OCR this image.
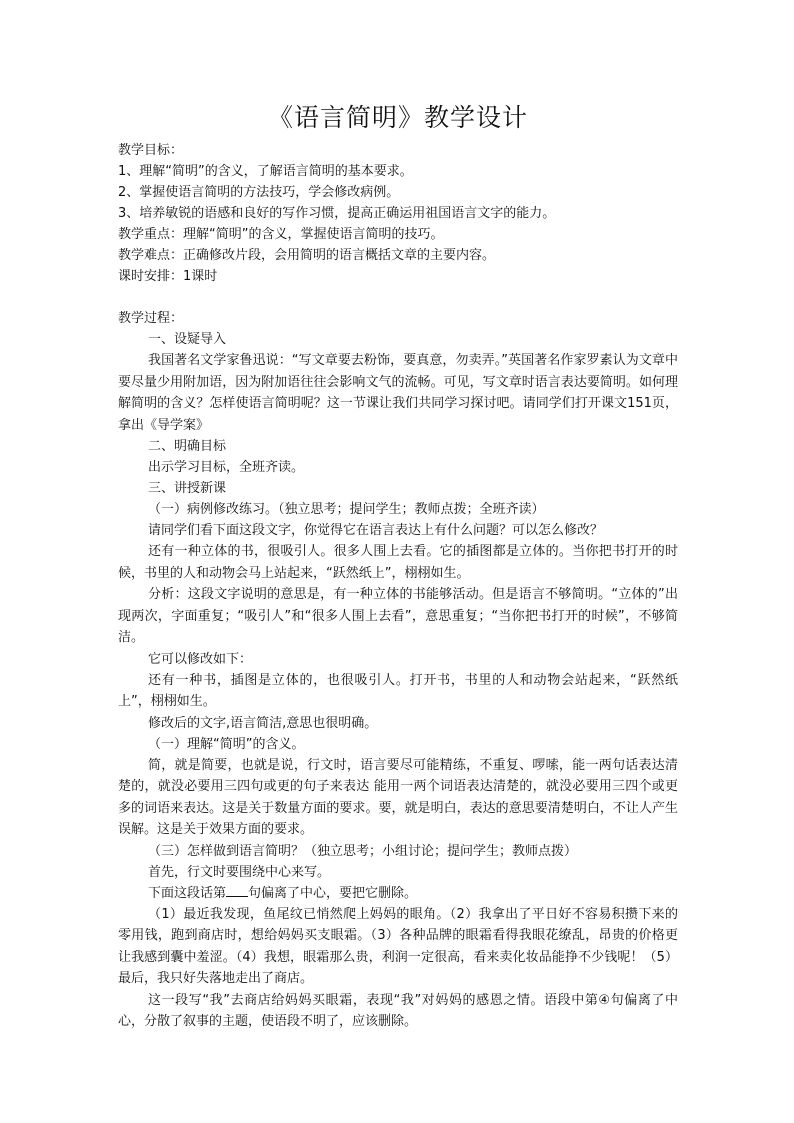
《语言简明》教学设计

教学目标：

1、理解“简明”的含义，了解语言简明的基本要求。

2、掌握使语言简明的方法技巧，学会修改病例。

3、培养敏锐的语感和良好的写作习惯，提高正确运用祖国语言文字的能力。

教学重点：理解“简明”的含义，掌握使语言简明的技巧。

教学难点：正确修改片段，会用简明的语言概括文章的主要内容。

课时安排：1课时

教学过程：

一、设疑导入

我国著名文学家鲁迅说：“写文章要去粉饰，要真意，勿卖弄。”英国著名作家罗素认为文章中要尽量少用附加语，因为附加语往往会影响文气的流畅。可见，写文章时语言表达要简明。如何理解简明的含义？怎样使语言简明呢？这一节课让我们共同学习探讨吧。请同学们打开课文151页，拿出《导学案》

二、明确目标

出示学习目标，全班齐读。

三、讲授新课

（一）病例修改练习。（独立思考；提问学生；教师点拨；全班齐读）

请同学们看下面这段文字，你觉得它在语言表达上有什么问题？可以怎么修改？

还有一种立体的书，很吸引人。很多人围上去看。它的插图都是立体的。当你把书打开的时候，书里的人和动物会马上站起来，“跃然纸上”，栩栩如生。

分析：这段文字说明的意思是，有一种立体的书能够活动。但是语言不够简明。“立体的”出现两次，字面重复；“吸引人”和“很多人围上去看”，意思重复；“当你把书打开的时候”，不够简洁。

它可以修改如下：

还有一种书，插图是立体的，也很吸引人。打开书，书里的人和动物会站起来，“跃然纸上”，栩栩如生。

修改后的文字,语言简洁,意思也很明确。

（一）理解“简明”的含义。

简，就是简要，也就是说，行文时，语言要尽可能精练，不重复、啰嗦，能一两句话表达清楚的，就没必要用三四句或更的句子来表达 能用一两个词语表达清楚的，就没必要用三四个或更多的词语来表达。这是关于数量方面的要求。要，就是明白，表达的意思要清楚明白，不让人产生误解。这是关于效果方面的要求。

（三）怎样做到语言简明？（独立思考；小组讨论；提问学生；教师点拨）

首先，行文时要围绕中心来写。

下面这段话第 句偏离了中心，要把它删除。

（1）最近我发现，鱼尾纹已悄然爬上妈妈的眼角。（2）我拿出了平日好不容易积攒下来的零用钱，跑到商店时，想给妈妈买支眼霜。（3）各种品牌的眼霜看得我眼花缭乱，昂贵的价格更让我感到囊中羞涩。（4）我想，眼霜那么贵，利润一定很高，看来卖化妆品能挣不少钱呢！（5）最后，我只好失落地走出了商店。

这一段写“我”去商店给妈妈买眼霜，表现“我”对妈妈的感恩之情。语段中第④句偏离了中心，分散了叙事的主题，使语段不明了，应该删除。
